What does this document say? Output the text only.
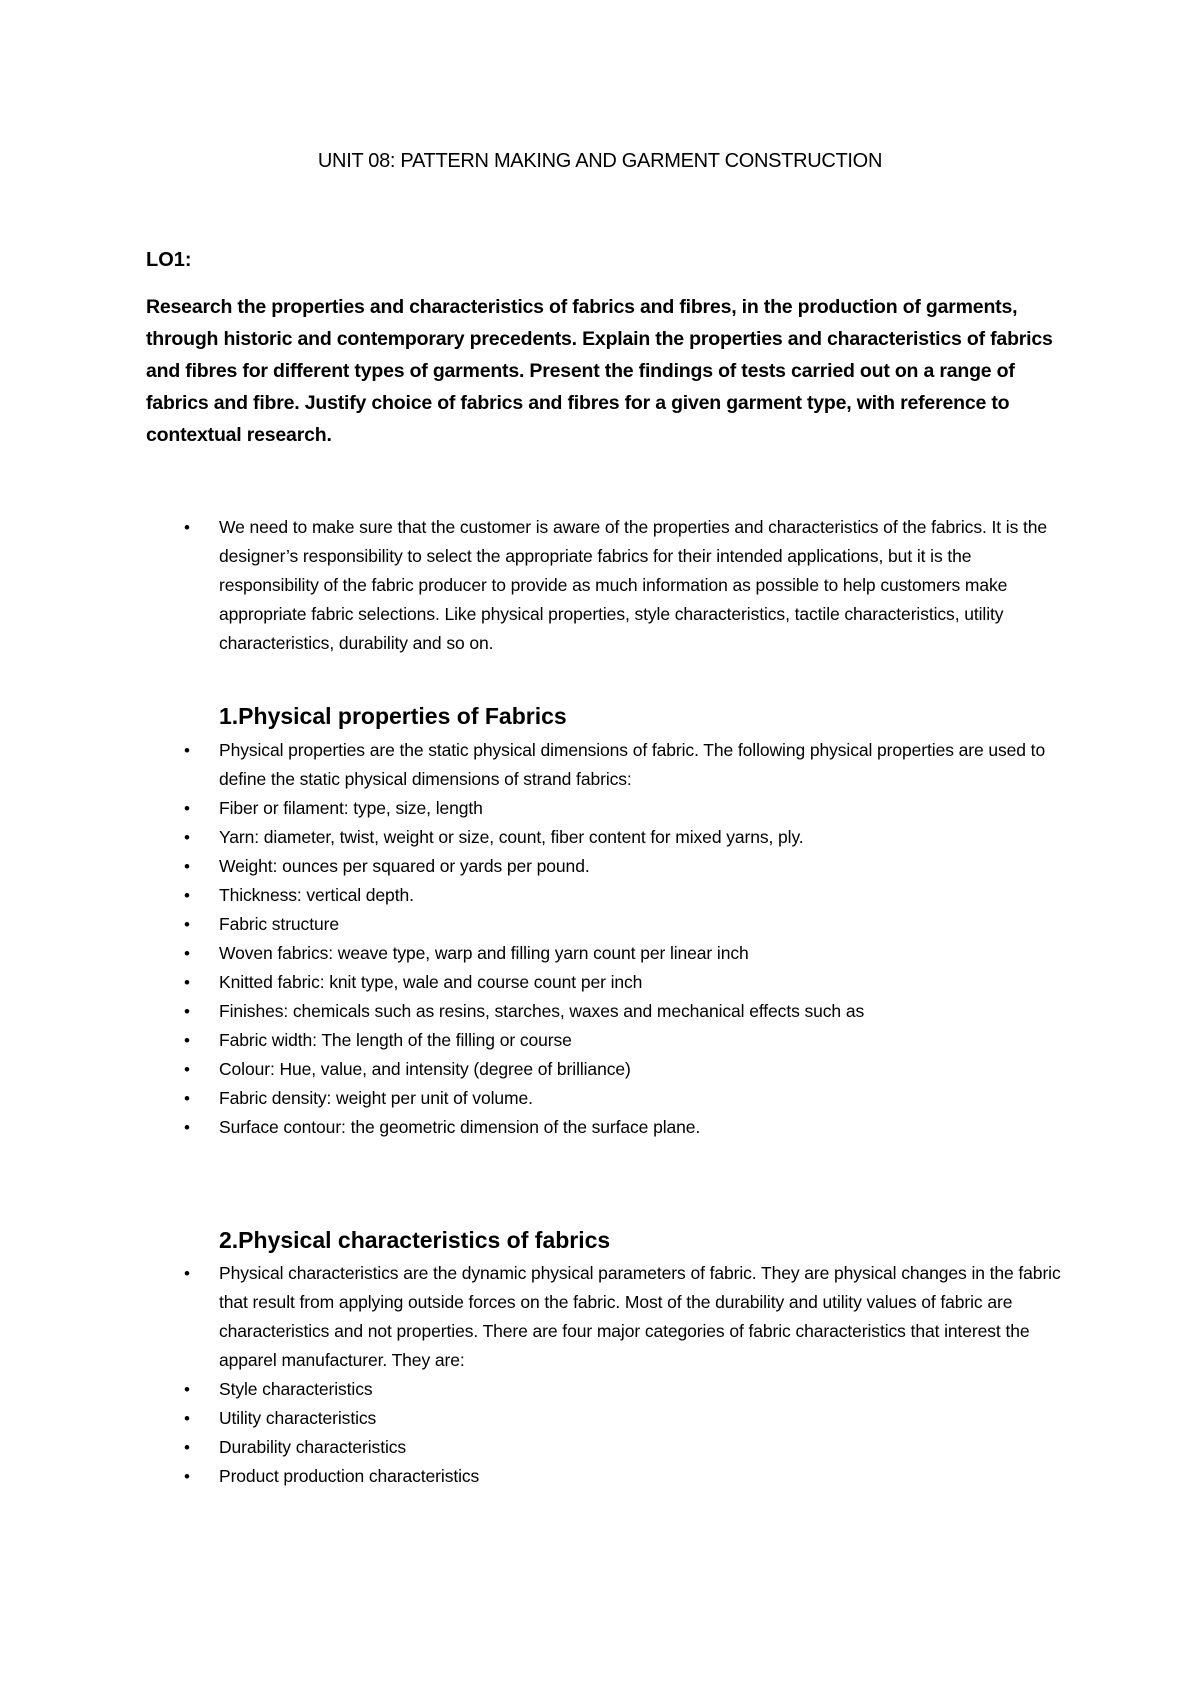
UNIT 08: PATTERN MAKING AND GARMENT CONSTRUCTION
LO1:
Research the properties and characteristics of fabrics and fibres, in the production of garments, through historic and contemporary precedents. Explain the properties and characteristics of fabrics and fibres for different types of garments. Present the findings of tests carried out on a range of fabrics and fibre. Justify choice of fabrics and fibres for a given garment type, with reference to contextual research.
• We need to make sure that the customer is aware of the properties and characteristics of the fabrics. It is the designer’s responsibility to select the appropriate fabrics for their intended applications, but it is the responsibility of the fabric producer to provide as much information as possible to help customers make appropriate fabric selections. Like physical properties, style characteristics, tactile characteristics, utility characteristics, durability and so on.
1.Physical properties of Fabrics
• Physical properties are the static physical dimensions of fabric. The following physical properties are used to define the static physical dimensions of strand fabrics:
• Fiber or filament: type, size, length
• Yarn: diameter, twist, weight or size, count, fiber content for mixed yarns, ply.
• Weight: ounces per squared or yards per pound.
• Thickness: vertical depth.
• Fabric structure
• Woven fabrics: weave type, warp and filling yarn count per linear inch
• Knitted fabric: knit type, wale and course count per inch
• Finishes: chemicals such as resins, starches, waxes and mechanical effects such as
• Fabric width: The length of the filling or course
• Colour: Hue, value, and intensity (degree of brilliance)
• Fabric density: weight per unit of volume.
• Surface contour: the geometric dimension of the surface plane.
2.Physical characteristics of fabrics
• Physical characteristics are the dynamic physical parameters of fabric. They are physical changes in the fabric that result from applying outside forces on the fabric. Most of the durability and utility values of fabric are characteristics and not properties. There are four major categories of fabric characteristics that interest the apparel manufacturer. They are:
• Style characteristics
• Utility characteristics
• Durability characteristics
• Product production characteristics
